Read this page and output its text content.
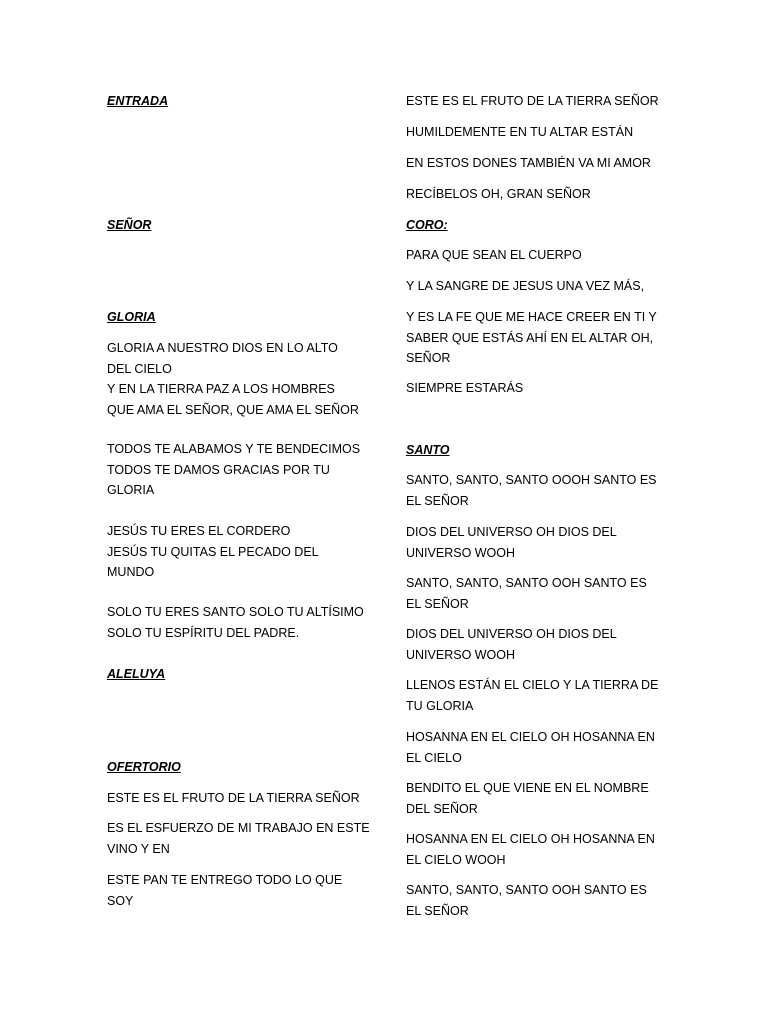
ENTRADA
SEÑOR
GLORIA
GLORIA A NUESTRO DIOS EN LO ALTO
DEL CIELO
Y EN LA TIERRA PAZ A LOS HOMBRES
QUE AMA EL SEÑOR, QUE AMA EL SEÑOR
TODOS TE ALABAMOS Y TE BENDECIMOS
TODOS TE DAMOS GRACIAS POR TU
GLORIA
JESÚS TU ERES EL CORDERO
JESÚS TU QUITAS EL PECADO DEL
MUNDO
SOLO TU ERES SANTO SOLO TU ALTÍSIMO
SOLO TU ESPÍRITU DEL PADRE.
ALELUYA
OFERTORIO
ESTE ES EL FRUTO DE LA TIERRA SEÑOR
ES EL ESFUERZO DE MI TRABAJO EN ESTE
VINO Y EN
ESTE PAN TE ENTREGO TODO LO QUE
SOY
ESTE ES EL FRUTO DE LA TIERRA SEÑOR
HUMILDEMENTE EN TU ALTAR ESTÁN
EN ESTOS DONES TAMBIÉN VA MI AMOR
RECÍBELOS OH, GRAN SEÑOR
CORO:
PARA QUE SEAN EL CUERPO
Y LA SANGRE DE JESUS UNA VEZ MÁS,
Y ES LA FE QUE ME HACE CREER EN TI Y
SABER QUE ESTÁS AHÍ EN EL ALTAR OH,
SEÑOR
SIEMPRE ESTARÁS
SANTO
SANTO, SANTO, SANTO OOOH SANTO ES
EL SEÑOR
DIOS DEL UNIVERSO OH DIOS DEL
UNIVERSO WOOH
SANTO, SANTO, SANTO OOH SANTO ES
EL SEÑOR
DIOS DEL UNIVERSO OH DIOS DEL
UNIVERSO WOOH
LLENOS ESTÁN EL CIELO Y LA TIERRA DE
TU GLORIA
HOSANNA EN EL CIELO OH HOSANNA EN
EL CIELO
BENDITO EL QUE VIENE EN EL NOMBRE
DEL SEÑOR
HOSANNA EN EL CIELO OH HOSANNA EN
EL CIELO WOOH
SANTO, SANTO, SANTO OOH SANTO ES
EL SEÑOR
